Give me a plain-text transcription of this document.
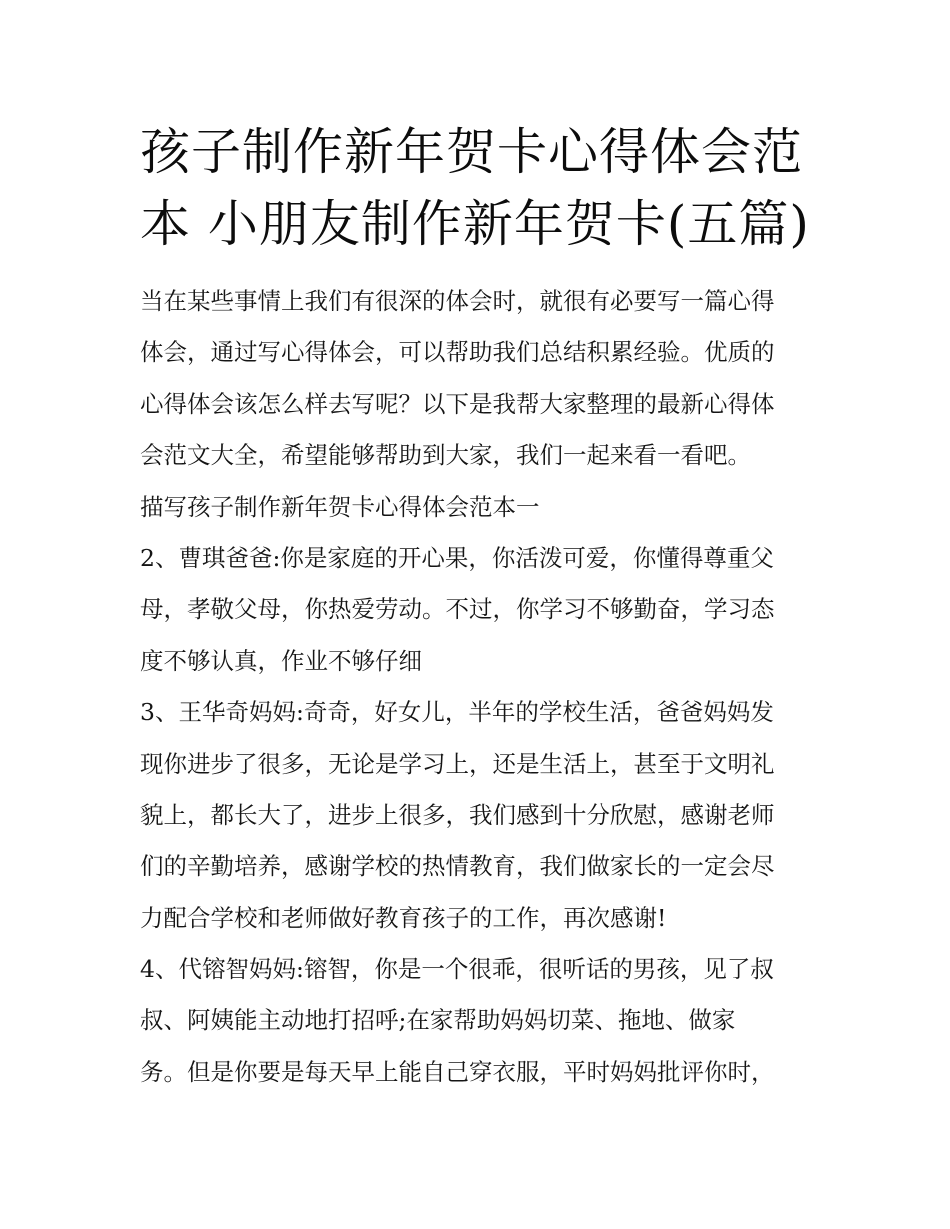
孩子制作新年贺卡心得体会范
本 小朋友制作新年贺卡(五篇)
当在某些事情上我们有很深的体会时，就很有必要写一篇心得
体会，通过写心得体会，可以帮助我们总结积累经验。优质的
心得体会该怎么样去写呢？以下是我帮大家整理的最新心得体
会范文大全，希望能够帮助到大家，我们一起来看一看吧。
描写孩子制作新年贺卡心得体会范本一
2、曹琪爸爸:你是家庭的开心果，你活泼可爱，你懂得尊重父
母，孝敬父母，你热爱劳动。不过，你学习不够勤奋，学习态
度不够认真，作业不够仔细
3、王华奇妈妈:奇奇，好女儿，半年的学校生活，爸爸妈妈发
现你进步了很多，无论是学习上，还是生活上，甚至于文明礼
貌上，都长大了，进步上很多，我们感到十分欣慰，感谢老师
们的辛勤培养，感谢学校的热情教育，我们做家长的一定会尽
力配合学校和老师做好教育孩子的工作，再次感谢!
4、代镕智妈妈:镕智，你是一个很乖，很听话的男孩，见了叔
叔、阿姨能主动地打招呼;在家帮助妈妈切菜、拖地、做家
务。但是你要是每天早上能自己穿衣服，平时妈妈批评你时，
